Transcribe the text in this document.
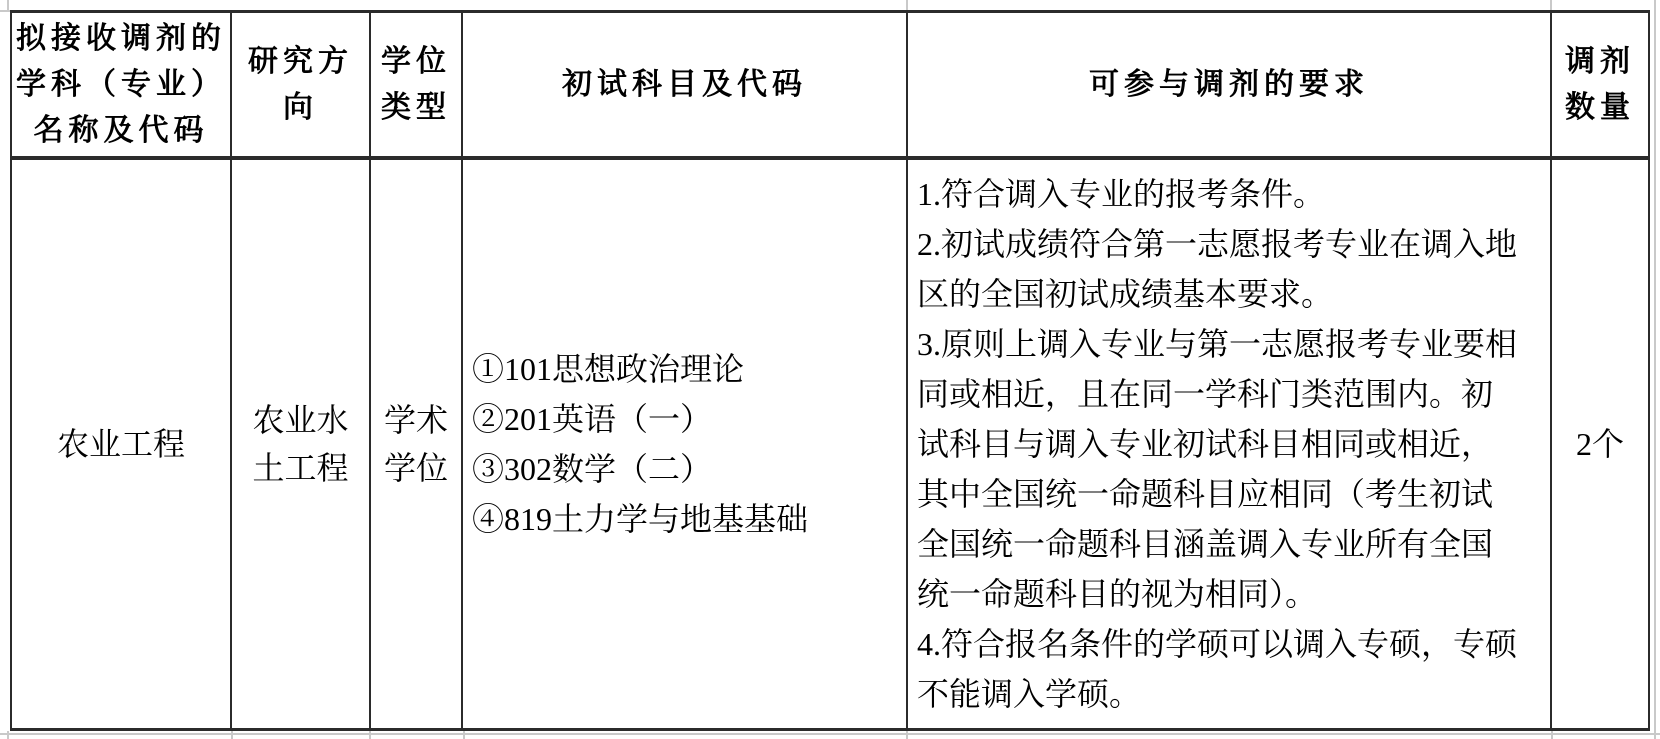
拟接收调剂的
学科（专业）
名称及代码
研究方
向
学位
类型
初试科目及代码	可参与调剂的要求
调剂
数量
农业工程
农业水土工程
学术学位
①101思想政治理论
②201英语（一）
③302数学（二）
④819土力学与地基基础
1.符合调入专业的报考条件。
2.初试成绩符合第一志愿报考专业在调入地
区的全国初试成绩基本要求。
3.原则上调入专业与第一志愿报考专业要相
同或相近，且在同一学科门类范围内。初
试科目与调入专业初试科目相同或相近，
其中全国统一命题科目应相同（考生初试
全国统一命题科目涵盖调入专业所有全国
统一命题科目的视为相同）。
4.符合报名条件的学硕可以调入专硕，专硕
不能调入学硕。
2个
